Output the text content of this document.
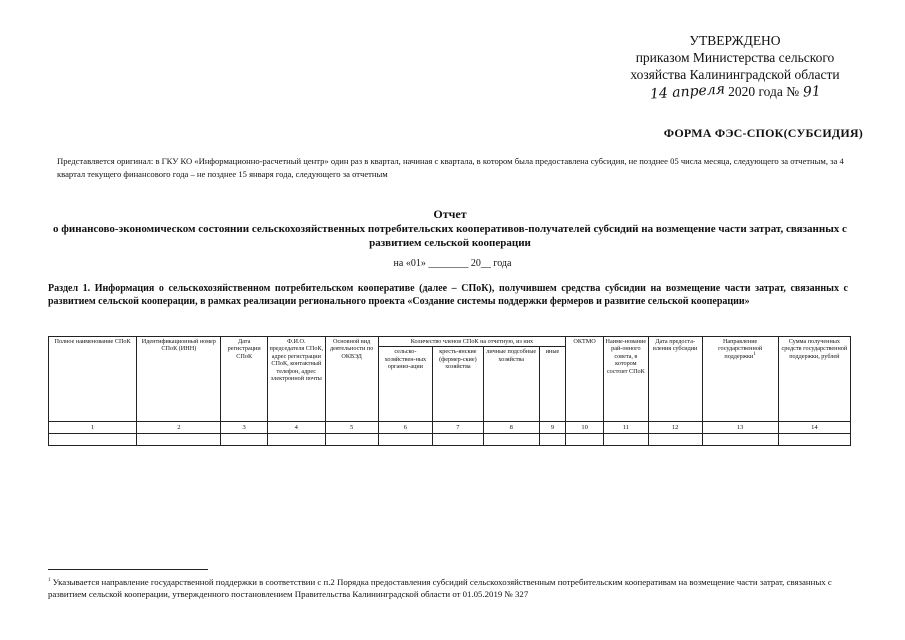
УТВЕРЖДЕНО
приказом Министерства сельского
хозяйства Калининградской области
14 апреля 2020 года № 91
ФОРМА ФЭС-СПОК(СУБСИДИЯ)
Представляется оригинал: в ГКУ КО «Информационно-расчетный центр» один раз в квартал, начиная с квартала, в котором была предоставлена субсидия, не позднее 05 числа месяца, следующего за отчетным, за 4 квартал текущего финансового года – не позднее 15 января года, следующего за отчетным
Отчет
о финансово-экономическом состоянии сельскохозяйственных потребительских кооперативов-получателей субсидий на возмещение части затрат, связанных с развитием сельской кооперации
на «01» ________ 20__ года
Раздел 1. Информация о сельскохозяйственном потребительском кооперативе (далее – СПоК), получившем средства субсидии на возмещение части затрат, связанных с развитием сельской кооперации, в рамках реализации регионального проекта «Создание системы поддержки фермеров и развитие сельской кооперации»
Полное наименование СПоК	Идентификационный номер СПоК (ИНН)	Дата регистрации СПоК	Ф.И.О. председателя СПоК, адрес регистрации СПоК, контактный телефон, адрес электронной почты	Основной вид деятельности по ОКВЭД	Количество членов СПоК на отчетную, из них				ОКТМО	Наиме-нование рай-онного совета, в котором состоит СПоК	Дата предоста-вления субсидии	Направление государственной поддержки$^1$	Сумма полученных средств государственной поддержки, рублей
					сельско-хозяйствен-ных организ-ации	кресть-янские (фермер-ские) хозяйства	личные подсобные хозяйства	иные					
1	2	3	4	5	6	7	8	9	10	11	12	13	14

$^1$ Указывается направление государственной поддержки в соответствии с п.2 Порядка предоставления субсидий сельскохозяйственным потребительским кооперативам на возмещение части затрат, связанных с развитием сельской кооперации, утвержденного постановлением Правительства Калининградской области от 01.05.2019 № 327
